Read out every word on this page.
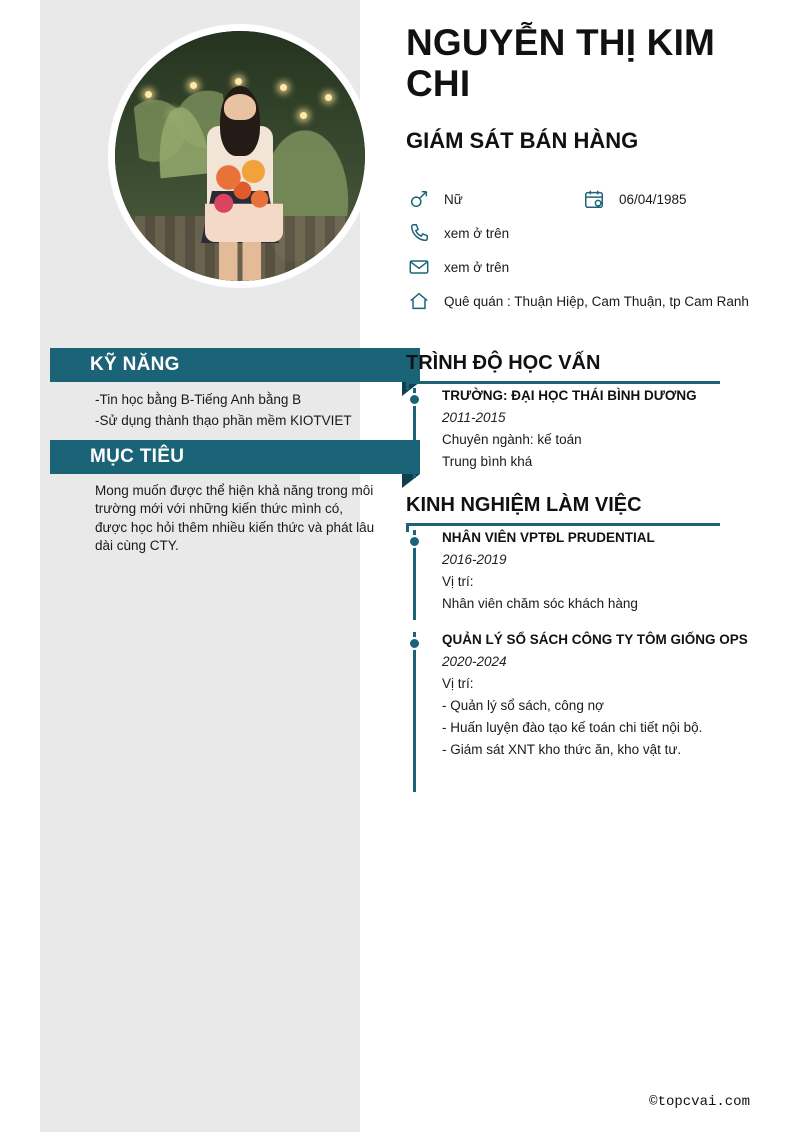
KỸ NĂNG
-Tin học bằng B-Tiếng Anh bằng B
-Sử dụng thành thạo phần mềm KIOTVIET
MỤC TIÊU
Mong muốn được thể hiện khả năng trong môi trường mới với những kiến thức mình có, được học hỏi thêm nhiều kiến thức và phát lâu dài cùng CTY.
NGUYỄN THỊ KIM CHI
GIÁM SÁT BÁN HÀNG
Nữ	06/04/1985
xem ở trên
xem ở trên
Quê quán : Thuận Hiệp, Cam Thuận, tp Cam Ranh
TRÌNH ĐỘ HỌC VẤN
TRƯỜNG: ĐẠI HỌC THÁI BÌNH DƯƠNG
2011-2015
Chuyên ngành: kế toán
Trung bình khá
KINH NGHIỆM LÀM VIỆC
NHÂN VIÊN VPTĐL PRUDENTIAL
2016-2019
Vị trí:
Nhân viên chăm sóc khách hàng
QUẢN LÝ SỔ SÁCH CÔNG TY TÔM GIỐNG OPS
2020-2024
Vị trí:
- Quản lý sổ sách, công nợ
- Huấn luyện đào tạo kế toán chi tiết nội bộ.
- Giám sát XNT kho thức ăn, kho vật tư.
©topcvai.com
